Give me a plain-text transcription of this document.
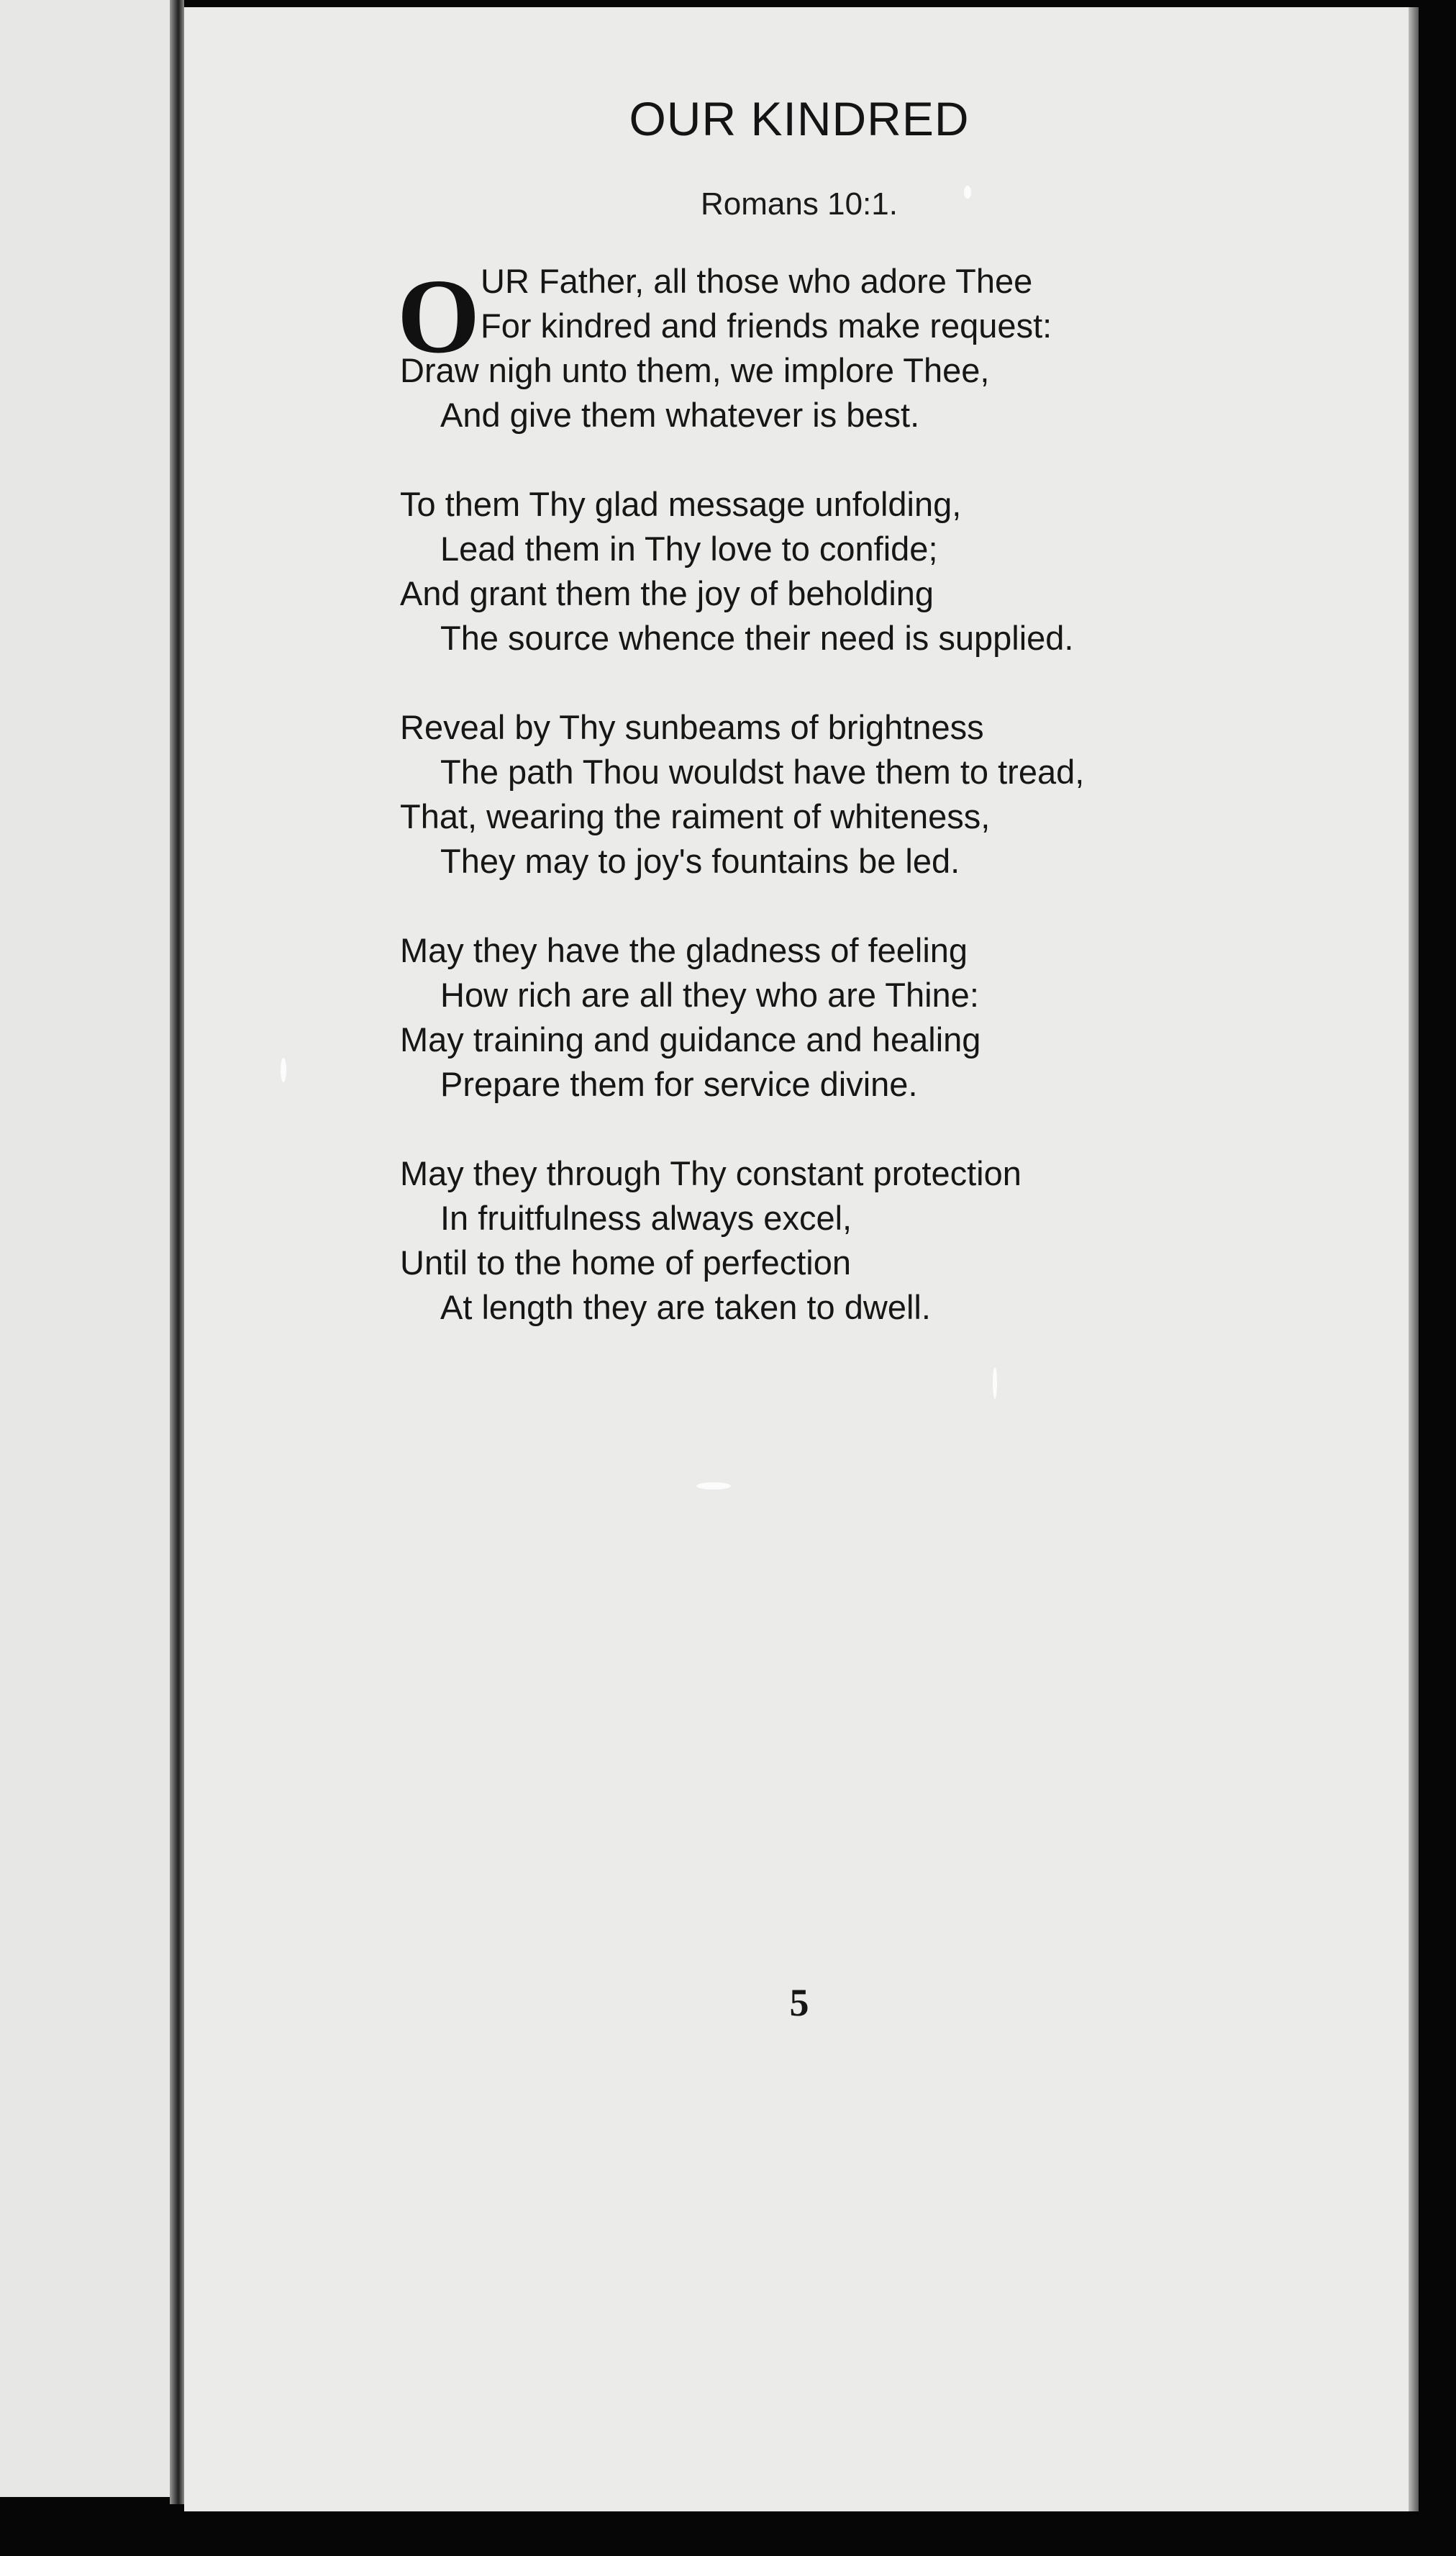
OUR KINDRED
Romans 10:1.
O UR Father, all those who adore Thee
For kindred and friends make request:
Draw nigh unto them, we implore Thee,
And give them whatever is best.
To them Thy glad message unfolding,
Lead them in Thy love to confide;
And grant them the joy of beholding
The source whence their need is supplied.
Reveal by Thy sunbeams of brightness
The path Thou wouldst have them to tread,
That, wearing the raiment of whiteness,
They may to joy's fountains be led.
May they have the gladness of feeling
How rich are all they who are Thine:
May training and guidance and healing
Prepare them for service divine.
May they through Thy constant protection
In fruitfulness always excel,
Until to the home of perfection
At length they are taken to dwell.
5
